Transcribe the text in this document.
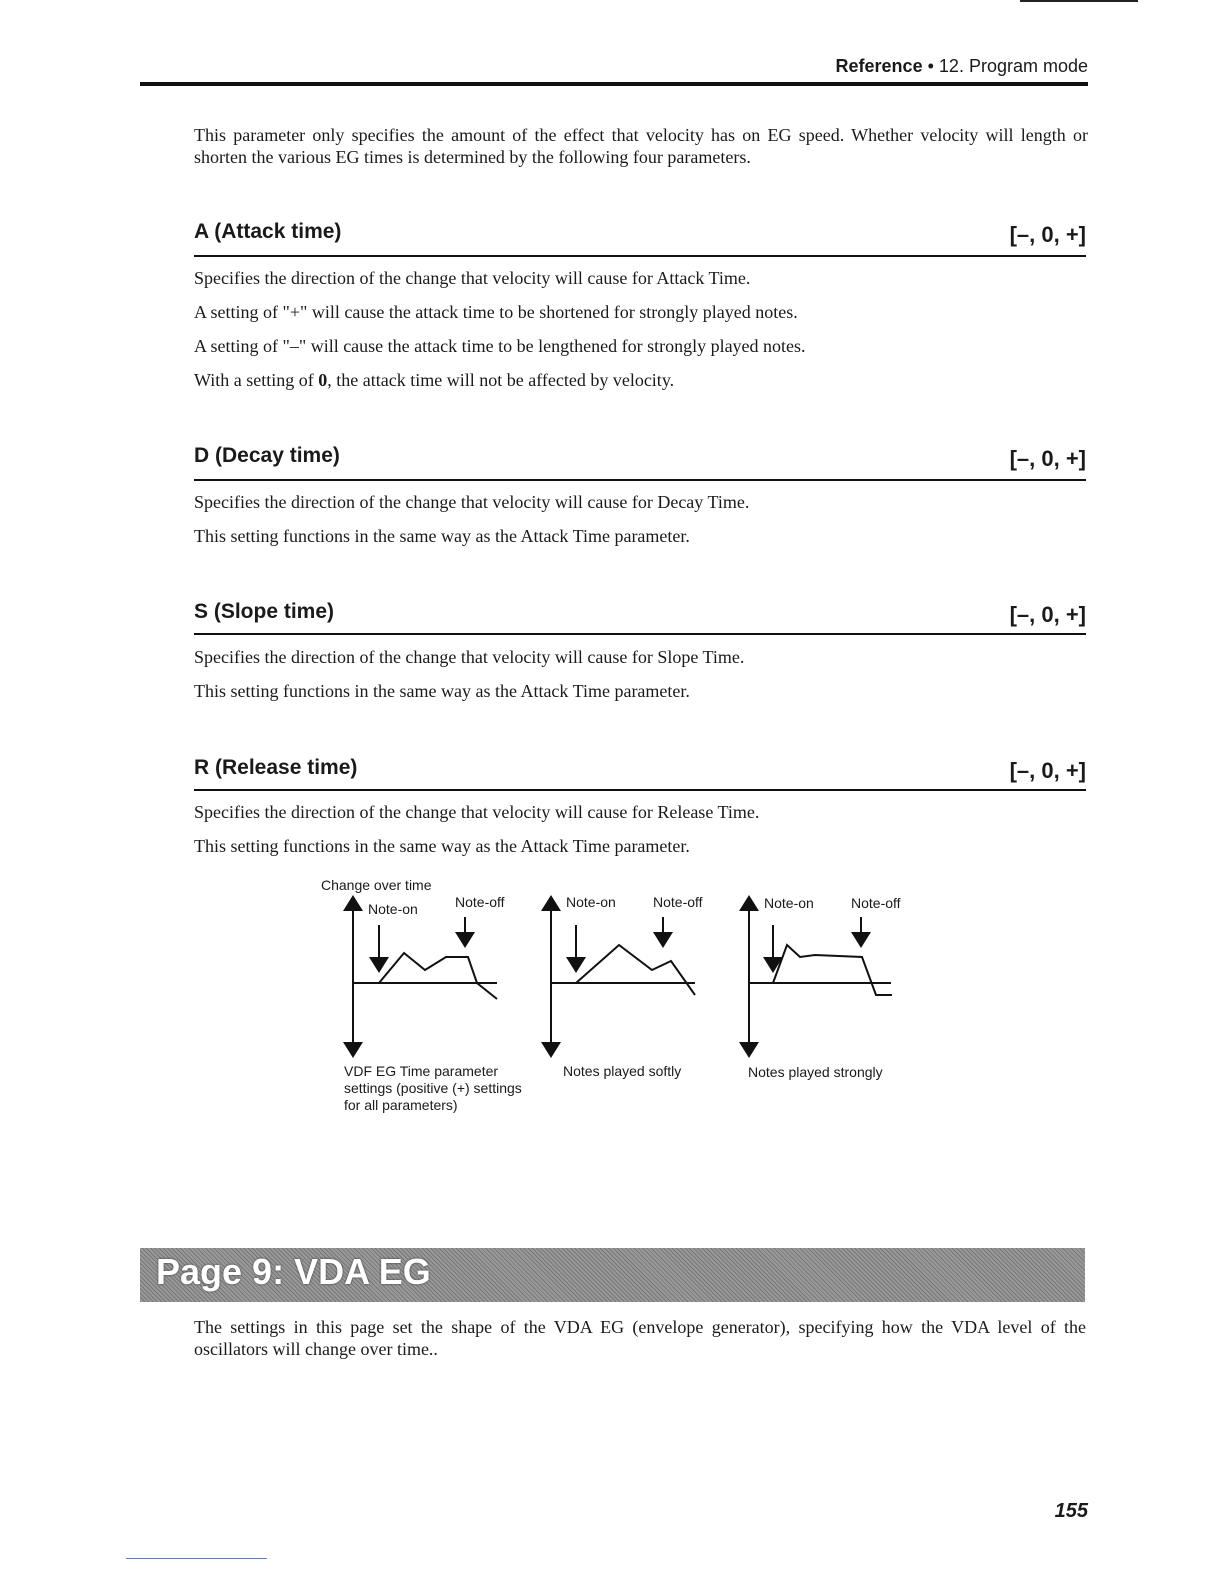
Reference • 12. Program mode
This parameter only specifies the amount of the effect that velocity has on EG speed. Whether velocity will length or shorten the various EG times is determined by the following four parameters.
A (Attack time)	[–, 0, +]
Specifies the direction of the change that velocity will cause for Attack Time.
A setting of "+" will cause the attack time to be shortened for strongly played notes.
A setting of "–" will cause the attack time to be lengthened for strongly played notes.
With a setting of 0, the attack time will not be affected by velocity.
D (Decay time)	[–, 0, +]
Specifies the direction of the change that velocity will cause for Decay Time.
This setting functions in the same way as the Attack Time parameter.
S (Slope time)	[–, 0, +]
Specifies the direction of the change that velocity will cause for Slope Time.
This setting functions in the same way as the Attack Time parameter.
R (Release time)	[–, 0, +]
Specifies the direction of the change that velocity will cause for Release Time.
This setting functions in the same way as the Attack Time parameter.
Change over time
Note-on	Note-off	Note-on	Note-off	Note-on	Note-off
VDF EG Time parameter
settings (positive (+) settings
for all parameters)
Notes played softly	Notes played strongly
Page 9: VDA EG
The settings in this page set the shape of the VDA EG (envelope generator), specifying how the VDA level of the oscillators will change over time..
155
